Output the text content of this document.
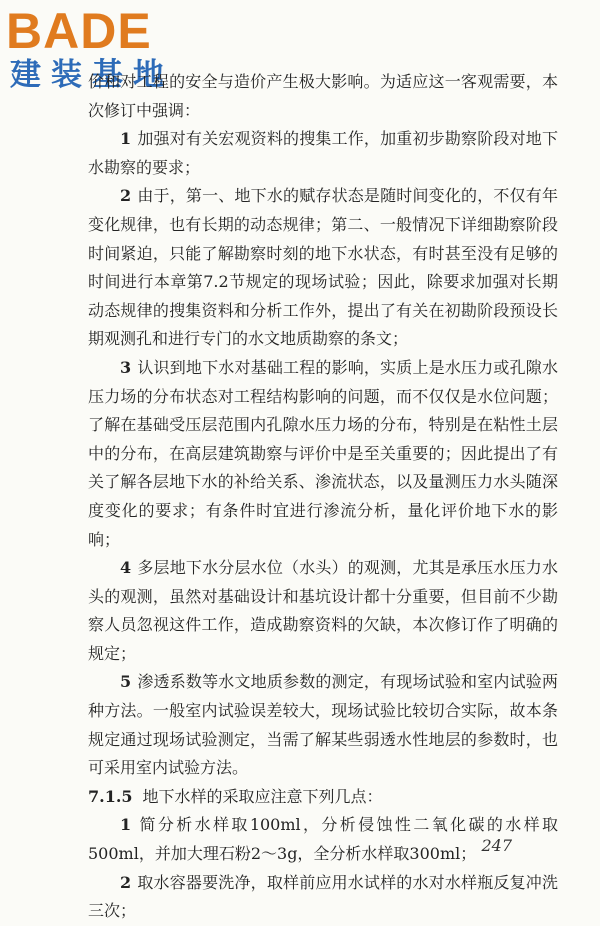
BADE
建装基地

价和对工程的安全与造价产生极大影响。为适应这一客观需要，本次修订中强调：

1 加强对有关宏观资料的搜集工作，加重初步勘察阶段对地下水勘察的要求；

2 由于，第一、地下水的赋存状态是随时间变化的，不仅有年变化规律，也有长期的动态规律；第二、一般情况下详细勘察阶段时间紧迫，只能了解勘察时刻的地下水状态，有时甚至没有足够的时间进行本章第7.2节规定的现场试验；因此，除要求加强对长期动态规律的搜集资料和分析工作外，提出了有关在初勘阶段预设长期观测孔和进行专门的水文地质勘察的条文；

3 认识到地下水对基础工程的影响，实质上是水压力或孔隙水压力场的分布状态对工程结构影响的问题，而不仅仅是水位问题；了解在基础受压层范围内孔隙水压力场的分布，特别是在粘性土层中的分布，在高层建筑勘察与评价中是至关重要的；因此提出了有关了解各层地下水的补给关系、渗流状态，以及量测压力水头随深度变化的要求；有条件时宜进行渗流分析，量化评价地下水的影响；

4 多层地下水分层水位（水头）的观测，尤其是承压水压力水头的观测，虽然对基础设计和基坑设计都十分重要，但目前不少勘察人员忽视这件工作，造成勘察资料的欠缺，本次修订作了明确的规定；

5 渗透系数等水文地质参数的测定，有现场试验和室内试验两种方法。一般室内试验误差较大，现场试验比较切合实际，故本条规定通过现场试验测定，当需了解某些弱透水性地层的参数时，也可采用室内试验方法。

7.1.5 地下水样的采取应注意下列几点：

1 简分析水样取100ml，分析侵蚀性二氧化碳的水样取500ml，并加大理石粉2～3g，全分析水样取300ml；

2 取水容器要洗净，取样前应用水试样的水对水样瓶反复冲洗三次；

247
